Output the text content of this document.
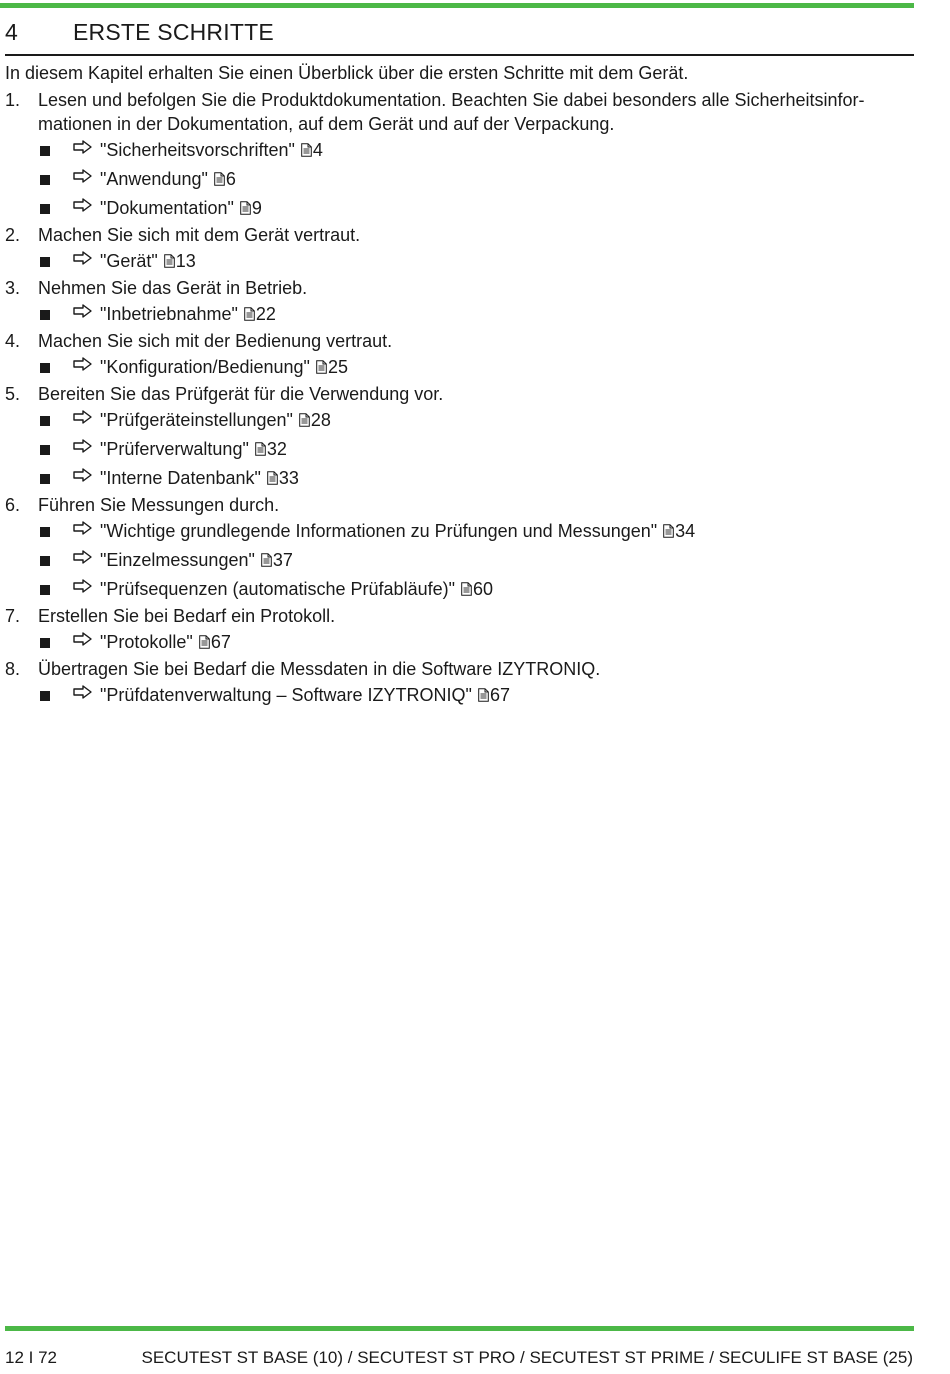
4 ERSTE SCHRITTE

In diesem Kapitel erhalten Sie einen Überblick über die ersten Schritte mit dem Gerät.

1. Lesen und befolgen Sie die Produktdokumentation. Beachten Sie dabei besonders alle Sicherheitsinfor-mationen in der Dokumentation, auf dem Gerät und auf der Verpackung.
"Sicherheitsvorschriften" 4
"Anwendung" 6
"Dokumentation" 9
2. Machen Sie sich mit dem Gerät vertraut.
"Gerät" 13
3. Nehmen Sie das Gerät in Betrieb.
"Inbetriebnahme" 22
4. Machen Sie sich mit der Bedienung vertraut.
"Konfiguration/Bedienung" 25
5. Bereiten Sie das Prüfgerät für die Verwendung vor.
"Prüfgeräteinstellungen" 28
"Prüferverwaltung" 32
"Interne Datenbank" 33
6. Führen Sie Messungen durch.
"Wichtige grundlegende Informationen zu Prüfungen und Messungen" 34
"Einzelmessungen" 37
"Prüfsequenzen (automatische Prüfabläufe)" 60
7. Erstellen Sie bei Bedarf ein Protokoll.
"Protokolle" 67
8. Übertragen Sie bei Bedarf die Messdaten in die Software IZYTRONIQ.
"Prüfdatenverwaltung – Software IZYTRONIQ" 67
12 I 72	SECUTEST ST BASE (10) / SECUTEST ST PRO / SECUTEST ST PRIME / SECULIFE ST BASE (25)
